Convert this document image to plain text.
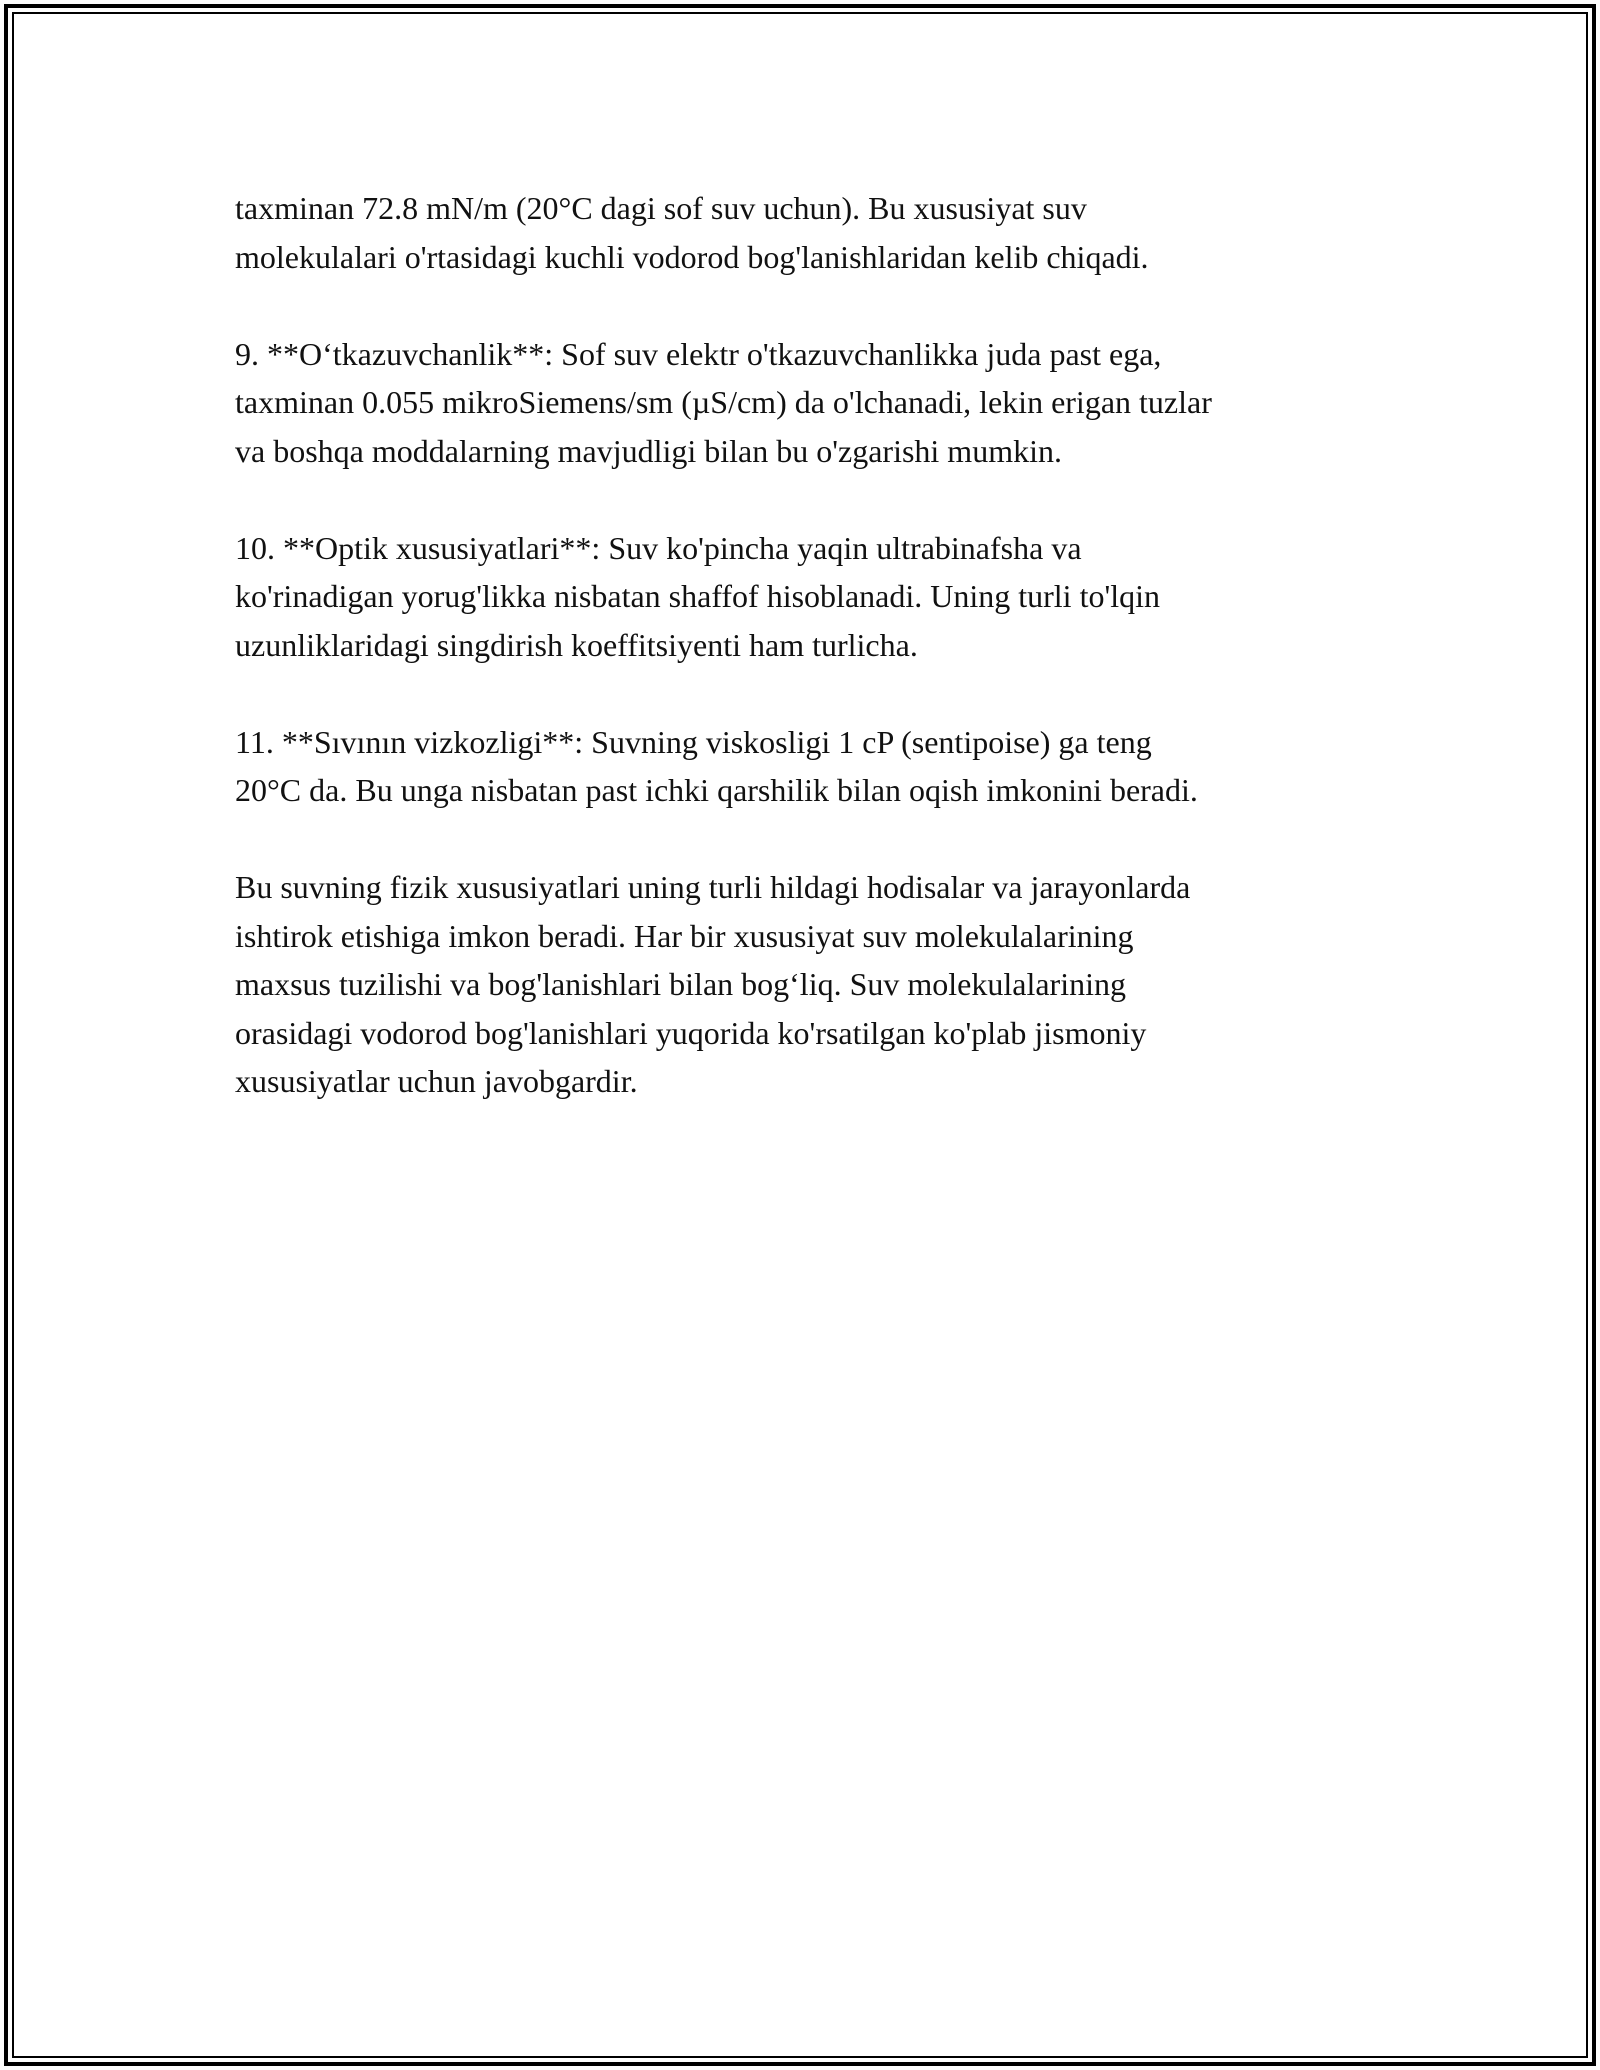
taxminan 72.8 mN/m (20°C dagi sof suv uchun). Bu xususiyat suv
molekulalari o'rtasidagi kuchli vodorod bog'lanishlaridan kelib chiqadi.

9. **O‘tkazuvchanlik**: Sof suv elektr o'tkazuvchanlikka juda past ega,
taxminan 0.055 mikroSiemens/sm (µS/cm) da o'lchanadi, lekin erigan tuzlar
va boshqa moddalarning mavjudligi bilan bu o'zgarishi mumkin.

10. **Optik xususiyatlari**: Suv ko'pincha yaqin ultrabinafsha va
ko'rinadigan yorug'likka nisbatan shaffof hisoblanadi. Uning turli to'lqin
uzunliklaridagi singdirish koeffitsiyenti ham turlicha.

11. **Sıvının vizkozligi**: Suvning viskosligi 1 cP (sentipoise) ga teng
20°C da. Bu unga nisbatan past ichki qarshilik bilan oqish imkonini beradi.

Bu suvning fizik xususiyatlari uning turli hildagi hodisalar va jarayonlarda
ishtirok etishiga imkon beradi. Har bir xususiyat suv molekulalarining
maxsus tuzilishi va bog'lanishlari bilan bog‘liq. Suv molekulalarining
orasidagi vodorod bog'lanishlari yuqorida ko'rsatilgan ko'plab jismoniy
xususiyatlar uchun javobgardir.
